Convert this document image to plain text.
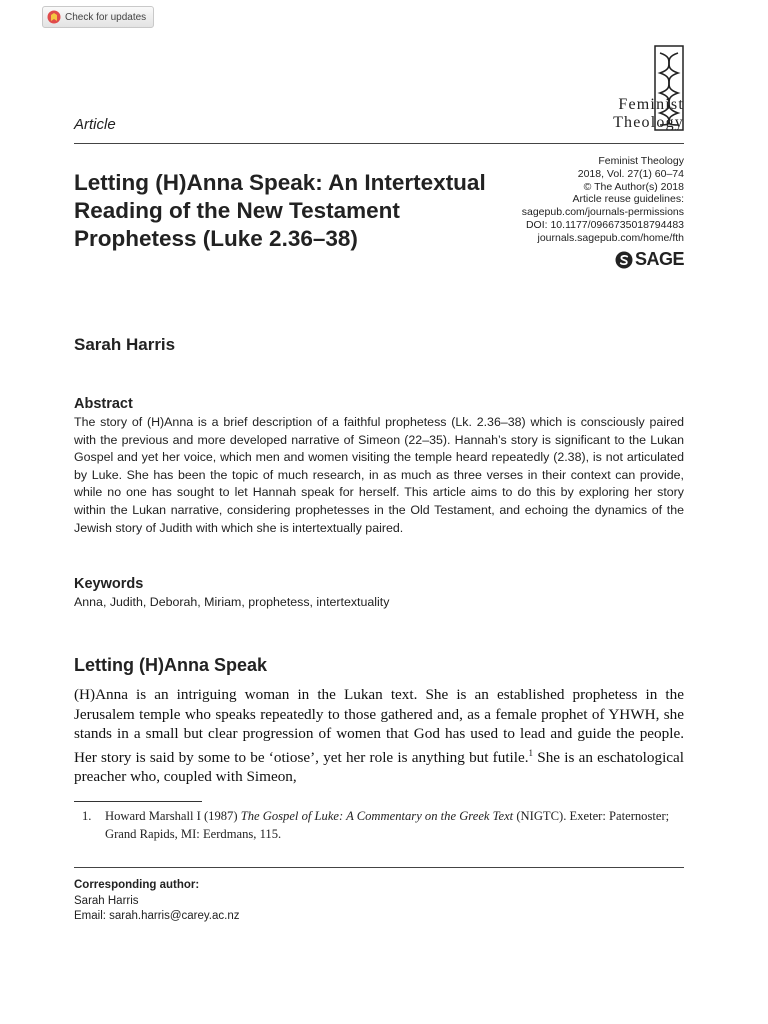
Check for updates
Feminist
Theology
Article
Letting (H)Anna Speak: An Intertextual Reading of the New Testament Prophetess (Luke 2.36–38)
Feminist Theology
2018, Vol. 27(1) 60–74
© The Author(s) 2018
Article reuse guidelines:
sagepub.com/journals-permissions
DOI: 10.1177/0966735018794483
journals.sagepub.com/home/fth
SAGE
Sarah Harris
Abstract

The story of (H)Anna is a brief description of a faithful prophetess (Lk. 2.36–38) which is consciously paired with the previous and more developed narrative of Simeon (22–35). Hannah’s story is significant to the Lukan Gospel and yet her voice, which men and women visiting the temple heard repeatedly (2.38), is not articulated by Luke. She has been the topic of much research, in as much as three verses in their context can provide, while no one has sought to let Hannah speak for herself. This article aims to do this by exploring her story within the Lukan narrative, considering prophetesses in the Old Testament, and echoing the dynamics of the Jewish story of Judith with which she is intertextually paired.

Keywords
Anna, Judith, Deborah, Miriam, prophetess, intertextuality
Letting (H)Anna Speak

(H)Anna is an intriguing woman in the Lukan text. She is an established prophetess in the Jerusalem temple who speaks repeatedly to those gathered and, as a female prophet of YHWH, she stands in a small but clear progression of women that God has used to lead and guide the people. Her story is said by some to be ‘otiose’, yet her role is anything but futile.$^1$ She is an eschatological preacher who, coupled with Simeon,

1. Howard Marshall I (1987) The Gospel of Luke: A Commentary on the Greek Text (NIGTC). Exeter: Paternoster; Grand Rapids, MI: Eerdmans, 115.
Corresponding author:
Sarah Harris
Email: sarah.harris@carey.ac.nz
